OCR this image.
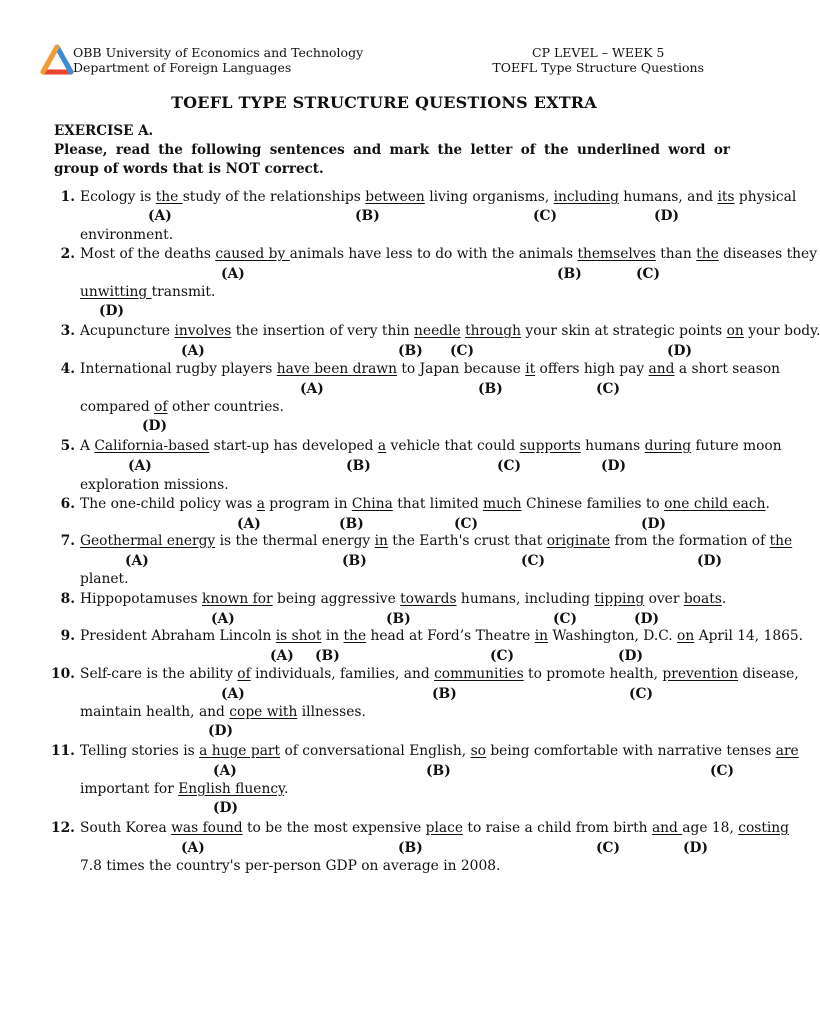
OBB University of Economics and Technology
Department of Foreign Languages
CP LEVEL – WEEK 5
TOEFL Type Structure Questions
TOEFL TYPE STRUCTURE QUESTIONS EXTRA
EXERCISE A.
Please, read the following sentences and mark the letter of the underlined word or group of words that is NOT correct.
1. Ecology is the study of the relationships between living organisms, including humans, and its physical
(A)	(B)	(C)	(D)
environment.
2. Most of the deaths caused by animals have less to do with the animals themselves than the diseases they
(A)	(B)	(C)
unwitting transmit.
(D)
3. Acupuncture involves the insertion of very thin needle through your skin at strategic points on your body.
(A)	(B) (C)	(D)
4. International rugby players have been drawn to Japan because it offers high pay and a short season
(A)	(B)	(C)
compared of other countries.
(D)
5. A California-based start-up has developed a vehicle that could supports humans during future moon
(A)	(B)	(C)	(D)
exploration missions.
6. The one-child policy was a program in China that limited much Chinese families to one child each.
(A)	(B)	(C)	(D)
7. Geothermal energy is the thermal energy in the Earth's crust that originate from the formation of the
(A)	(B)	(C)	(D)
planet.
8. Hippopotamuses known for being aggressive towards humans, including tipping over boats.
(A)	(B)	(C)	(D)
9. President Abraham Lincoln is shot in the head at Ford’s Theatre in Washington, D.C. on April 14, 1865.
(A) (B)	(C)	(D)
10. Self-care is the ability of individuals, families, and communities to promote health, prevention disease,
(A)	(B)	(C)
maintain health, and cope with illnesses.
(D)
11. Telling stories is a huge part of conversational English, so being comfortable with narrative tenses are
(A)	(B)	(C)
important for English fluency.
(D)
12. South Korea was found to be the most expensive place to raise a child from birth and age 18, costing
(A)	(B)	(C)	(D)
7.8 times the country's per-person GDP on average in 2008.
